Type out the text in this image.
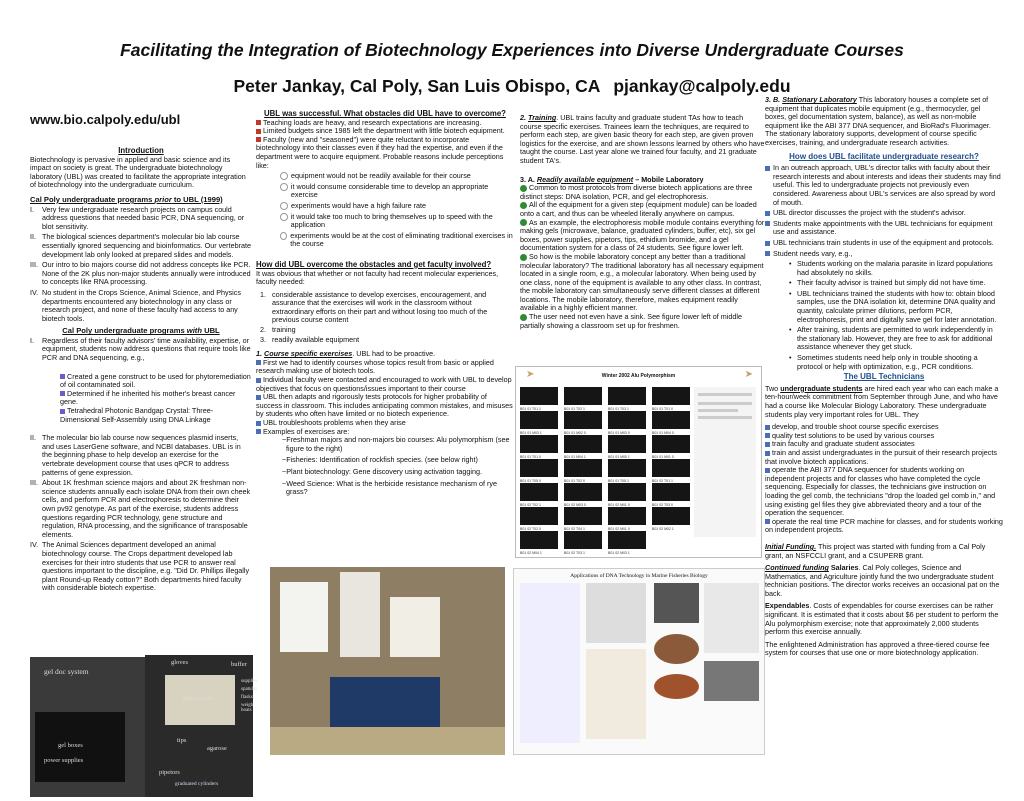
Facilitating the Integration of Biotechnology Experiences into Diverse Undergraduate Courses
Peter Jankay, Cal Poly, San Luis Obispo, CA pjankay@calpoly.edu
www.bio.calpoly.edu/ubl
Introduction

Biotechnology is pervasive in applied and basic science and its impact on society is great. The undergraduate biotechnology laboratory (UBL) was created to facilitate the appropriate integration of biotechnology into the undergraduate curriculum.

Cal Poly undergraduate programs prior to UBL (1999)
I.	Very few undergraduate research projects on campus could address questions that needed basic PCR, DNA sequencing, or blot sensitivity.
II. The biological sciences department's molecular bio lab course essentially ignored sequencing and bioinformatics. Our vertebrate development lab only looked at prepared slides and models.
III. Our intro to bio majors course did not address concepts like PCR. None of the 2K plus non-major students annually were introduced to concepts like RNA processing.
IV. No student in the Crops Science, Animal Science, and Physics departments encountered any biotechnology in any class or research project, and none of these faculty had access to any biotech tools.
Cal Poly undergraduate programs with UBL
I.	Regardless of their faculty advisors' time availability, expertise, or equipment, students now address questions that require tools like PCR and DNA sequencing, e.g.,
Created a gene construct to be used for phytoremediation of oil contaminated soil.
Determined if he inherited his mother's breast cancer gene.
Tetrahedral Photonic Bandgap Crystal: Three-Dimensional Self-Assembly using DNA Linkage
II. The molecular bio lab course now sequences plasmid inserts, and uses LaserGene software, and NCBI databases. UBL is in the beginning phase to help develop an exercise for the vertebrate development course that uses qPCR to address patterns of gene expression.
III. About 1K freshman science majors and about 2K freshman non-science students annually each isolate DNA from their own cheek cells, and perform PCR and electrophoresis to determine their own pv92 genotype. As part of the exercise, students address questions regarding PCR technology, gene structure and regulation, RNA processing, and the significance of transposable elements.
IV. The Animal Sciences department developed an animal biotechnology course. The Crops department developed lab exercises for their intro students that use PCR to answer real questions important to the discipline, e.g. "Did Dr. Phillips illegally plant Round-up Ready cotton?" Both departments hired faculty with considerable biotech expertise.
UBL was successful. What obstacles did UBL have to overcome?
Teaching loads are heavy, and research expectations are increasing.
Limited budgets since 1985 left the department with little biotech equipment.
Faculty (new and "seasoned") were quite reluctant to incorporate biotechnology into their classes even if they had the expertise, and even if the department were to acquire equipment. Probable reasons include perceptions like:
equipment would not be readily available for their course
it would consume considerable time to develop an appropriate exercise
experiments would have a high failure rate
it would take too much to bring themselves up to speed with the application
experiments would be at the cost of eliminating traditional exercises in the course
How did UBL overcome the obstacles and get faculty involved?

It was obvious that whether or not faculty had recent molecular experiences, faculty needed:

1. considerable assistance to develop exercises, encouragement, and assurance that the exercises will work in the classroom without extraordinary efforts on their part and without losing too much of the previous course content
2. training
3. readily available equipment
1. Course specific exercises. UBL had to be proactive.
First we had to identify courses whose topics result from basic or applied research making use of biotech tools.
Individual faculty were contacted and encouraged to work with UBL to develop objectives that focus on questions/issues important to their course
UBL then adapts and rigorously tests protocols for higher probability of success in classroom. This includes anticipating common mistakes, and misuses by students who often have limited or no biotech experience.
UBL troubleshoots problems when they arise
Examples of exercises are:
~Freshman majors and non-majors bio courses: Alu polymorphism (see figure to the right)
~Fisheries: Identification of rockfish species. (see below right)
~Plant biotechnology: Gene discovery using activation tagging.
~Weed Science: What is the herbicide resistance mechanism of rye grass?

2. Training. UBL trains faculty and graduate student TAs how to teach course specific exercises. Trainees learn the techniques, are required to perform each step, are given basic theory for each step, are given proven logistics for the exercise, and are shown lessons learned by others who have taught the course. Last year alone we trained four faculty, and 21 graduate student TA's.

3. A. Readily available equipment – Mobile Laboratory
Common to most protocols from diverse biotech applications are three distinct steps: DNA isolation, PCR, and gel electrophoresis.
All of the equipment for a given step (equipment module) can be loaded onto a cart, and thus can be wheeled literally anywhere on campus.
As an example, the electrophoresis mobile module contains everything for making gels (microwave, balance, graduated cylinders, buffer, etc), six gel boxes, power supplies, pipetors, tips, ethidium bromide, and a gel documentation system for a class of 24 students. See figure lower left.
So how is the mobile laboratory concept any better than a traditional molecular laboratory? The traditional laboratory has all necessary equipment located in a single room, e.g., a molecular laboratory. When being used by one class, none of the equipment is available to any other class. In contrast, the mobile laboratory can simultaneously serve different classes at different locations. The mobile laboratory, therefore, makes equipment readily available in a highly efficient manner.
The user need not even have a sink. See figure lower left of middle partially showing a classroom set up for freshmen.
Winter 2002 Alu Polymorphism
➤	➤
B01 01 T01 1	B01 01 T02 1	B01 01 T03 1	B01 01 T01 0
B01 01 M03 1	B01 01 M02 0	B01 01 M03 0	B01 01 M04 0
B01 01 T01 0	B01 01 M04 1	B01 01 M05 1	B01 01 M01 0
B01 01 T05 0	B01 01 T02 0	B01 01 T05 1	B01 02 T01 1
B01 02 T02 1	B01 02 M03 0	B01 02 M01 0	B01 02 T03 0
B01 02 T02 0	B01 02 T04 1	B01 02 M01 0	B01 02 M02 1
B01 02 M04 1	B01 02 T03 1	B01 02 M03 1
Applications of DNA Technology in Marine Fisheries Biology

3. B. Stationary Laboratory This laboratory houses a complete set of equipment that duplicates mobile equipment (e.g., thermocycler, gel boxes, gel documentation system, balance), as well as non-mobile equipment like the ABI 377 DNA sequencer, and BioRad's Fluorimager. The stationary laboratory supports, development of course specific exercises, training, and undergraduate research activities.

How does UBL facilitate undergraduate research?
In an outreach approach, UBL's director talks with faculty about their research interests and about interests and ideas their students may find useful. This led to undergraduate projects not previously even considered. Awareness about UBL's services are also spread by word of mouth.
UBL director discusses the project with the student's advisor.
Students make appointments with the UBL technicians for equipment use and assistance.
UBL technicians train students in use of the equipment and protocols.
Student needs vary, e.g.,
• Students working on the malaria parasite in lizard populations had absolutely no skills.
• Their faculty advisor is trained but simply did not have time.
• UBL technicians trained the students with how to: obtain blood samples, use the DNA isolation kit, determine DNA quality and quantity, calculate primer dilutions, perform PCR, electrophoresis, print and digitally save gel for later annotation.
• After training, students are permitted to work independently in the stationary lab. However, they are free to ask for additional assistance whenever they get stuck.
• Sometimes students need help only in trouble shooting a protocol or help with optimization, e.g., PCR conditions.
The UBL Technicians

Two undergraduate students are hired each year who can each make a ten-hour/week commitment from September through June, and who have had a course like Molecular Biology Laboratory. These undergraduate students play very important roles for UBL. They

develop, and trouble shoot course specific exercises
quality test solutions to be used by various courses
train faculty and graduate student associates
train and assist undergraduates in the pursuit of their research projects that involve biotech applications.
operate the ABI 377 DNA sequencer for students working on independent projects and for classes who have completed the cycle sequencing. Especially for classes, the technicians give instruction on loading the gel comb, the technicians "drop the loaded gel comb in," and using existing gel files they give abbreviated theory and a tour of the operation the sequencer.
operate the real time PCR machine for classes, and for students working on independent projects.

Initial Funding. This project was started with funding from a Cal Poly grant, an NSFCCLI grant, and a CSUPERB grant.

Continued funding Salaries. Cal Poly colleges, Science and Mathematics, and Agriculture jointly fund the two undergraduate student technician positions. The director works receives an occasional pat on the back.

Expendables. Costs of expendables for course exercises can be rather significant. It is estimated that it costs about $6 per student to perform the Alu polymorphism exercise; note that approximately 2,000 students perform this exercise annually.

The enlightened Administration has approved a three-tiered course fee system for courses that use one or more biotechnology application.

gel doc system
gel boxes
power supplies
gloves	buffer
microwave
supplies
spatulas
flasks
weigh boats
tips
agarose
pipetors
graduated cylinders
